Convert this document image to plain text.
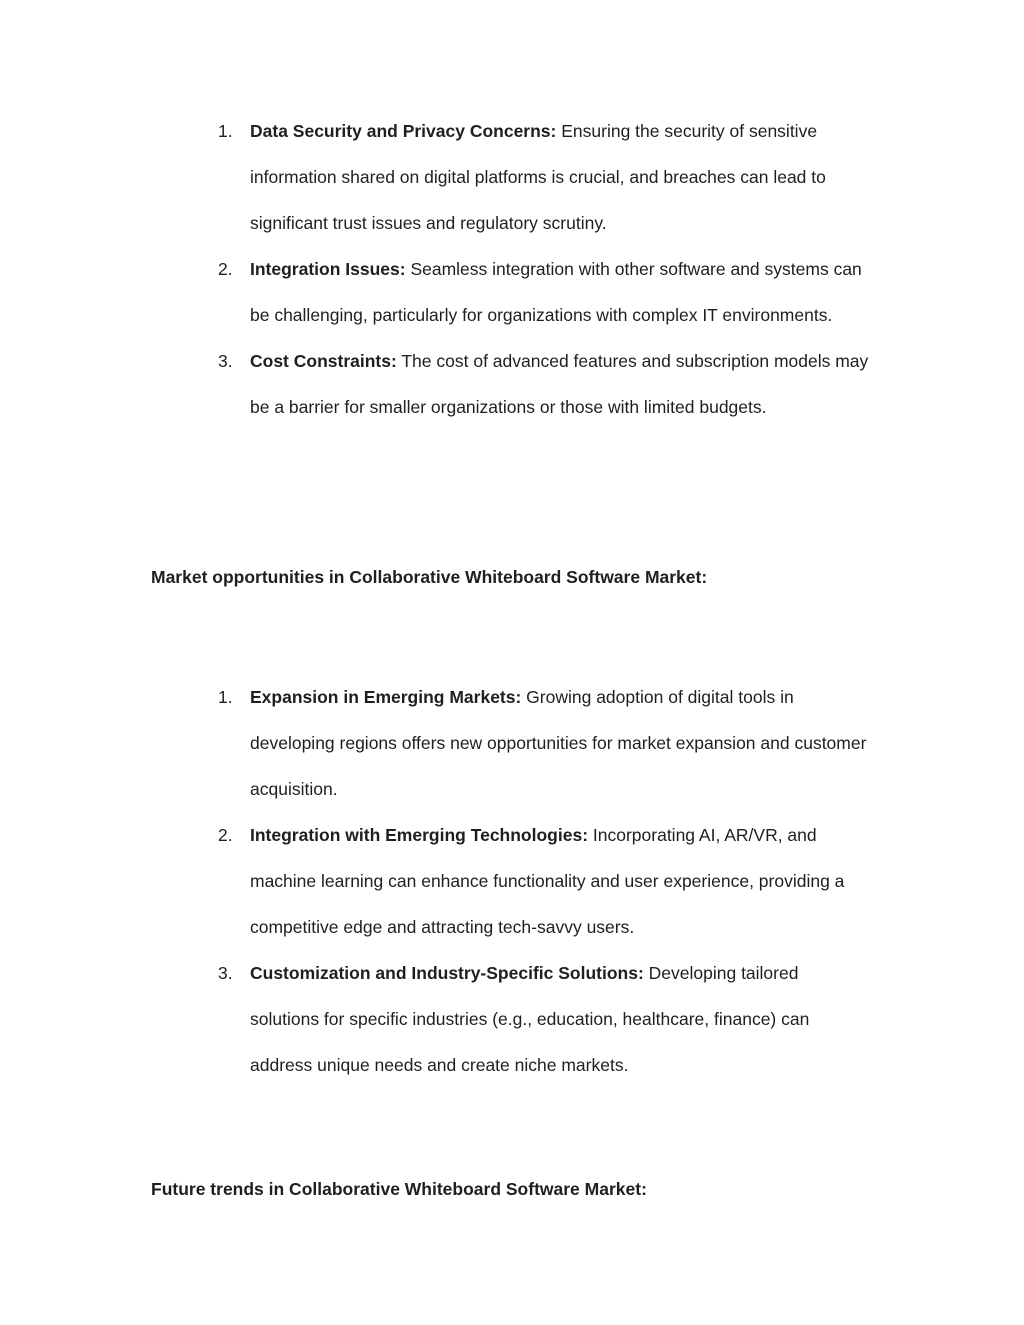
1. Data Security and Privacy Concerns: Ensuring the security of sensitive information shared on digital platforms is crucial, and breaches can lead to significant trust issues and regulatory scrutiny.
2. Integration Issues: Seamless integration with other software and systems can be challenging, particularly for organizations with complex IT environments.
3. Cost Constraints: The cost of advanced features and subscription models may be a barrier for smaller organizations or those with limited budgets.
Market opportunities in Collaborative Whiteboard Software Market:
1. Expansion in Emerging Markets: Growing adoption of digital tools in developing regions offers new opportunities for market expansion and customer acquisition.
2. Integration with Emerging Technologies: Incorporating AI, AR/VR, and machine learning can enhance functionality and user experience, providing a competitive edge and attracting tech-savvy users.
3. Customization and Industry-Specific Solutions: Developing tailored solutions for specific industries (e.g., education, healthcare, finance) can address unique needs and create niche markets.
Future trends in Collaborative Whiteboard Software Market:
